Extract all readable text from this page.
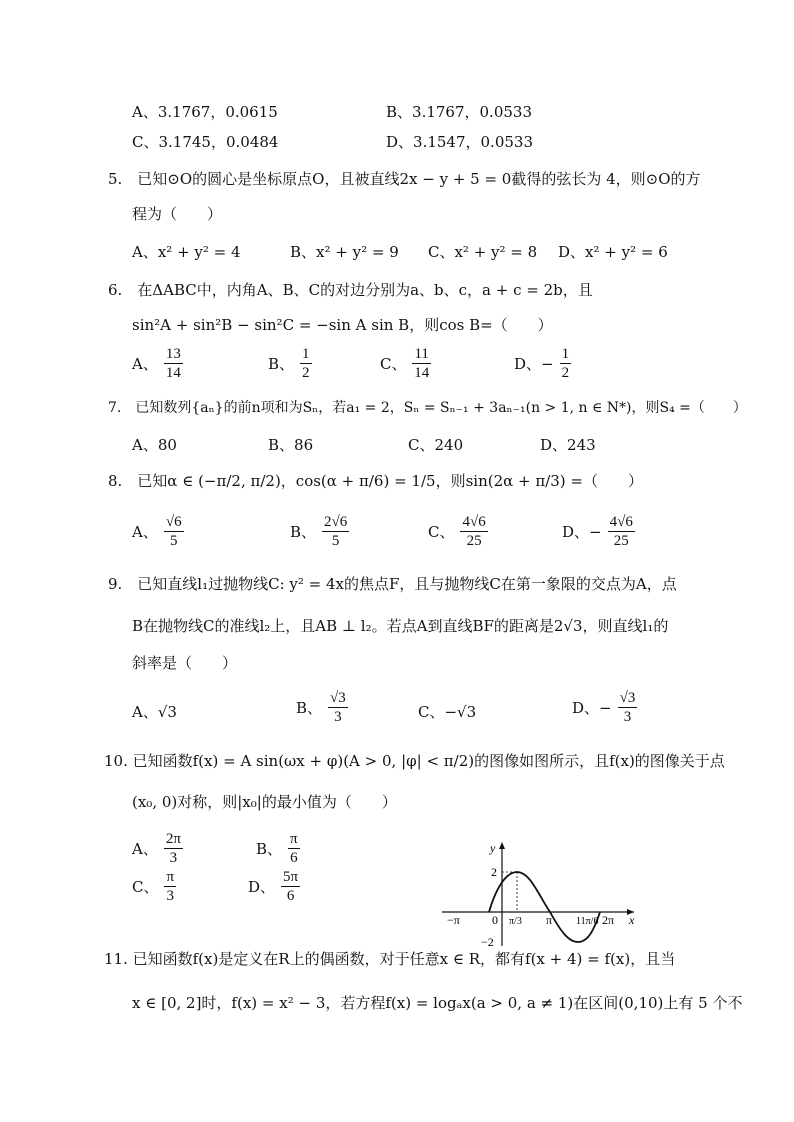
A、3.1767，0.0615	B、3.1767，0.0533
C、3.1745，0.0484	D、3.1547，0.0533
5.　已知⊙O的圆心是坐标原点O，且被直线2x − y + 5 = 0截得的弦长为 4，则⊙O的方
程为（　　）
A、x² + y² = 4	B、x² + y² = 9 C、x² + y² = 8 D、x² + y² = 6
6.　在ΔABC中，内角A、B、C的对边分别为a、b、c，a + c = 2b，且
sin²A + sin²B − sin²C = −sin A sin B，则cos B=（　　）
A、 $\frac{13}{14}$	B、 $\frac{1}{2}$	C、 $\frac{11}{14}$	D、− $\frac{1}{2}$
7.　已知数列{aₙ}的前n项和为Sₙ，若a₁ = 2，Sₙ = Sₙ₋₁ + 3aₙ₋₁(n > 1, n ∈ N*)，则S₄ =（　　）
A、80	B、86	C、240	D、243
8.　已知α ∈ (−π/2, π/2)，cos(α + π/6) = 1/5，则sin(2α + π/3) =（　　）
A、 $\frac{√6}{5}$	B、 $\frac{2√6}{5}$	C、 $\frac{4√6}{25}$	D、− $\frac{4√6}{25}$
9.　已知直线l₁过抛物线C: y² = 4x的焦点F，且与抛物线C在第一象限的交点为A，点
B在抛物线C的准线l₂上，且AB ⊥ l₂。若点A到直线BF的距离是2√3，则直线l₁的
斜率是（　　）
A、√3	B、 $\frac{√3}{3}$	C、−√3	D、− $\frac{√3}{3}$
10. 已知函数f(x) = A sin(ωx + φ)(A > 0, |φ| < π/2)的图像如图所示，且f(x)的图像关于点
(x₀, 0)对称，则|x₀|的最小值为（　　）
A、 $\frac{2\pi}{3}$	B、 $\frac{\pi}{6}$
C、 $\frac{\pi}{3}$	D、 $\frac{5\pi}{6}$
y
x
2
−2
0
−π	π	2π
π/3	11π/6
11. 已知函数f(x)是定义在R上的偶函数，对于任意x ∈ R，都有f(x + 4) = f(x)，且当
x ∈ [0, 2]时，f(x) = x² − 3，若方程f(x) = logₐx(a > 0, a ≠ 1)在区间(0,10)上有 5 个不
